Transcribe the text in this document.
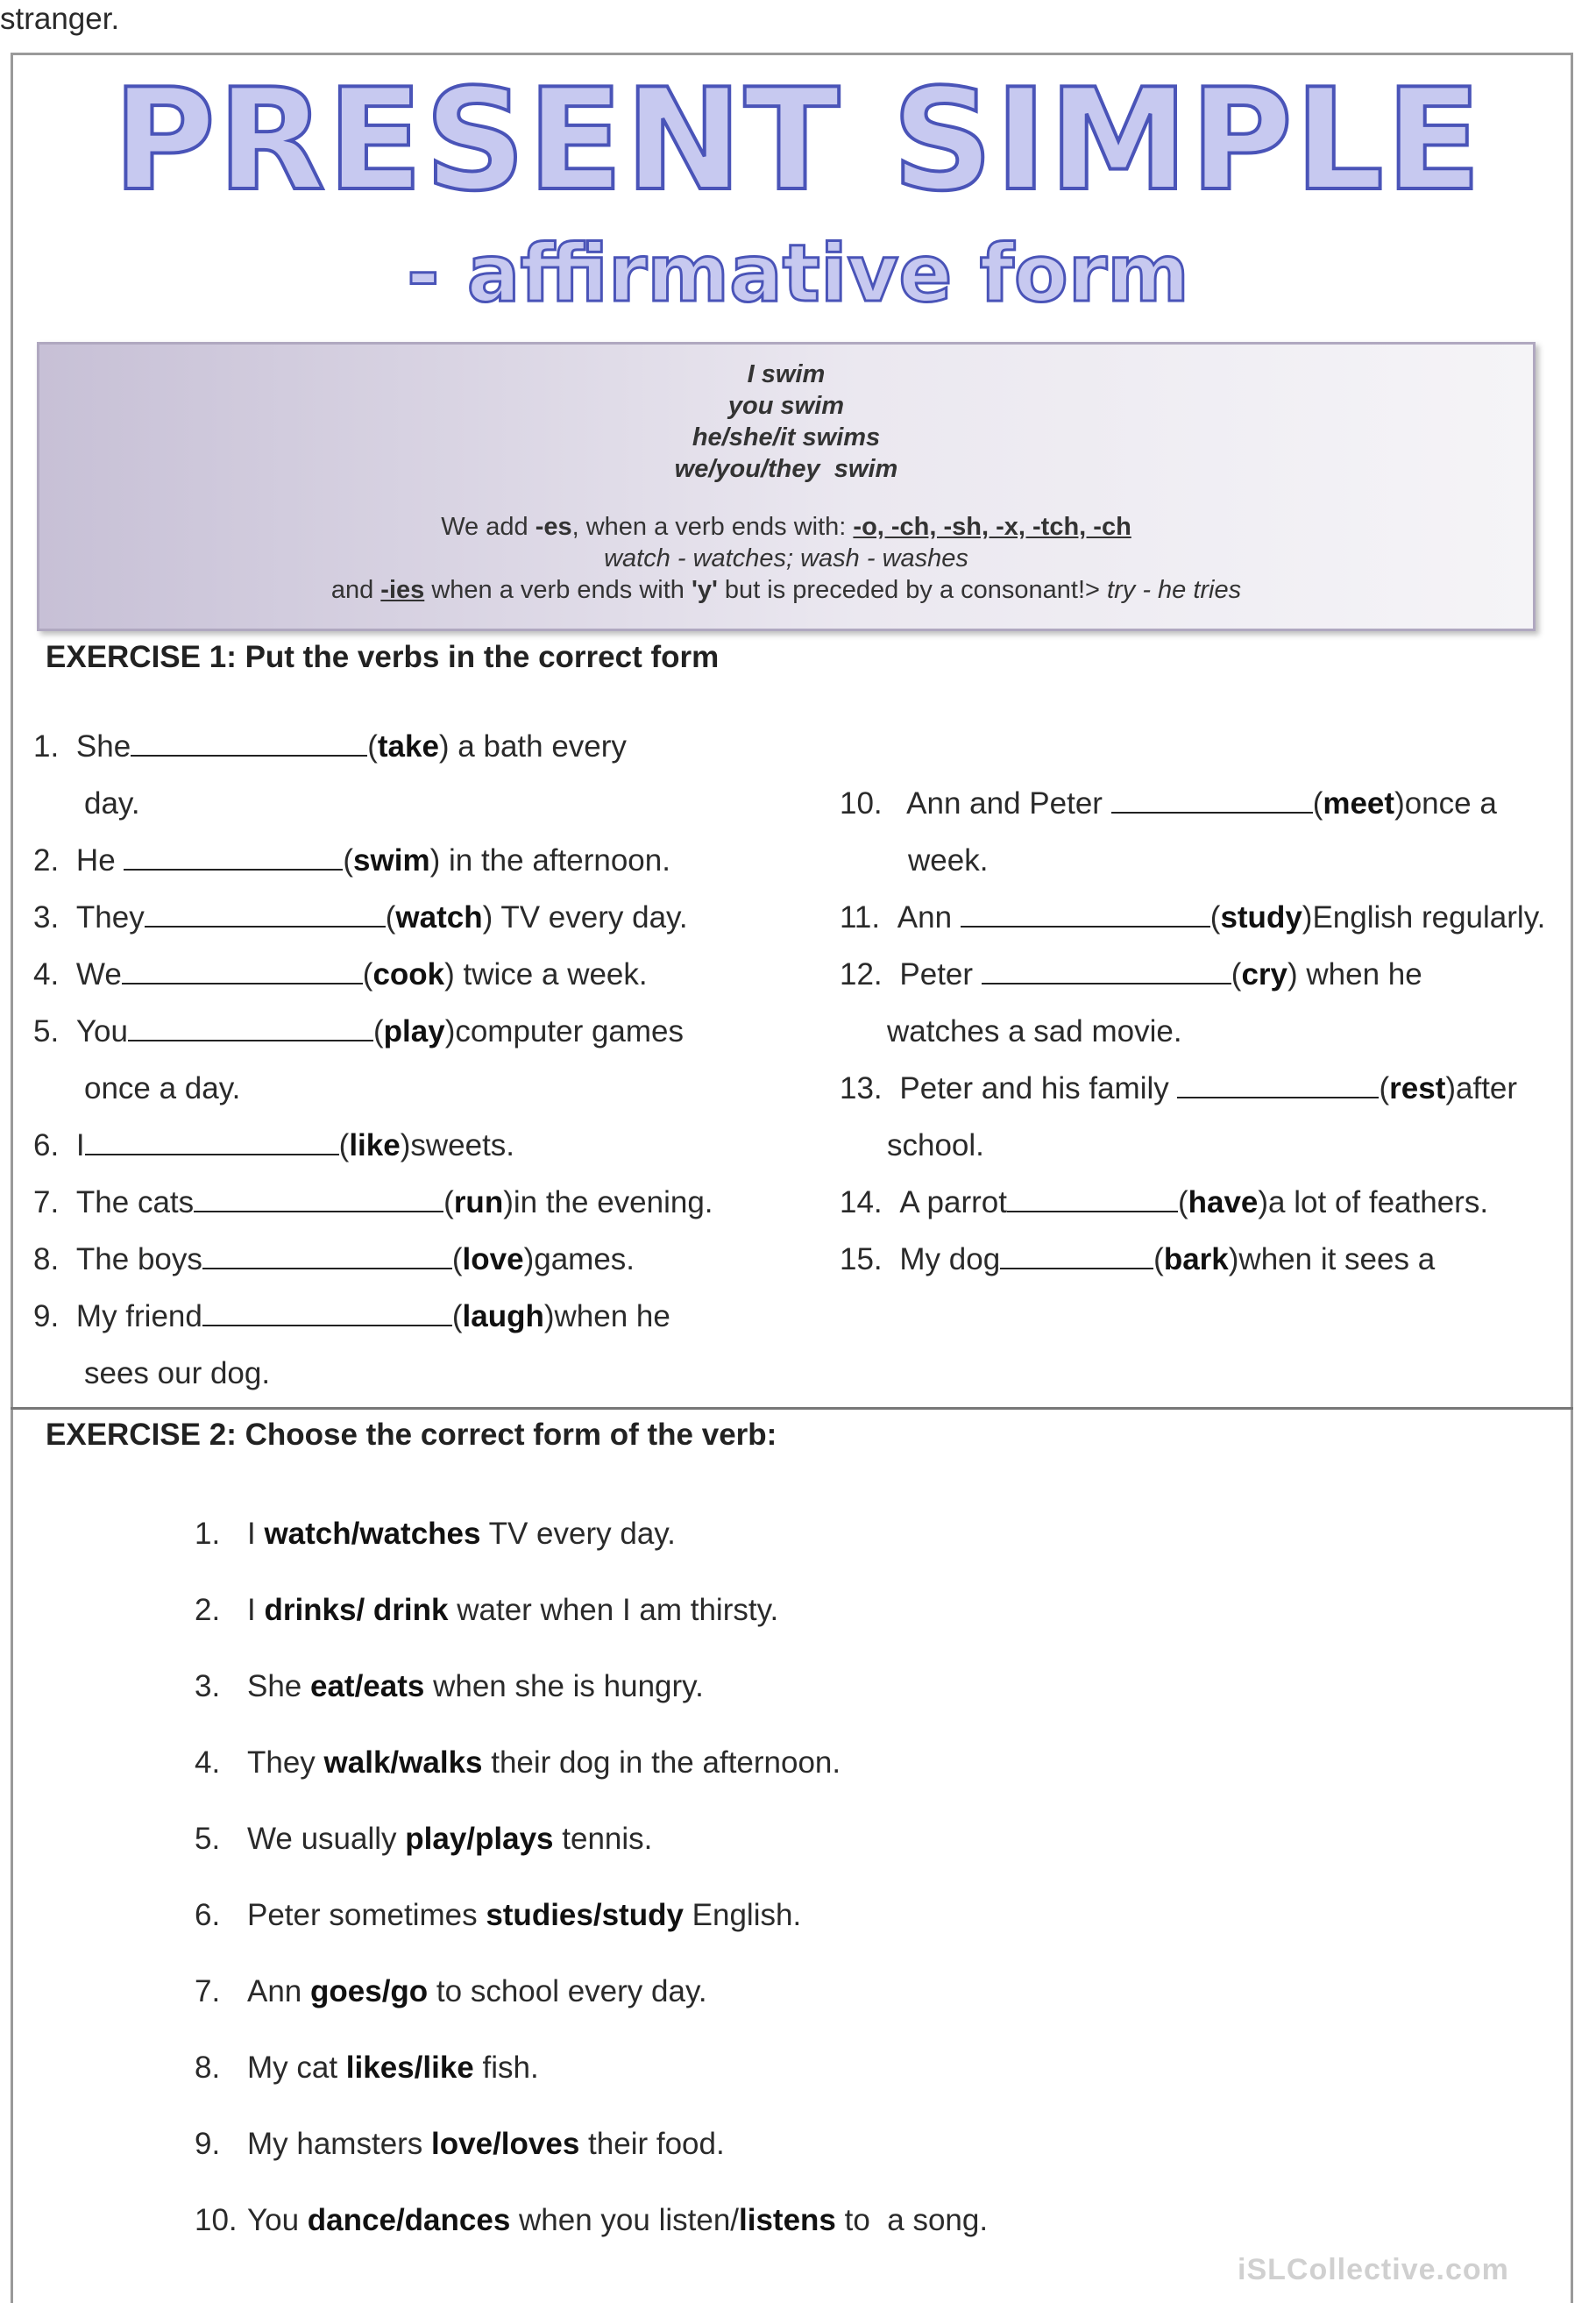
PRESENT SIMPLE
- affirmative form
I swim
you swim
he/she/it swims
we/you/they  swim
We add -es, when a verb ends with: -o, -ch, -sh, -x, -tch, -ch
watch - watches; wash - washes
and -ies when a verb ends with 'y' but is preceded by a consonant!> try - he tries
EXERCISE 1: Put the verbs in the correct form
1. She	(take) a bath every
day.
2. He	(swim) in the afternoon.
3. They	(watch) TV every day.
4. We	(cook) twice a week.
5. You	(play)computer games
once a day.
6. I	(like)sweets.
7. The cats	(run)in the evening.
8. The boys	(love)games.
9. My friend	(laugh)when he
sees our dog.
10.  Ann and Peter	(meet)once a
week.
11. Ann	(study)English regularly.
12. Peter	(cry) when he
watches a sad movie.
13. Peter and his family	(rest)after
school.
14. A parrot	(have)a lot of feathers.
15. My dog	(bark)when it sees a
stranger.
EXERCISE 2: Choose the correct form of the verb:
1. I watch/watches TV every day.
2. I drinks/ drink water when I am thirsty.
3. She eat/eats when she is hungry.
4. They walk/walks their dog in the afternoon.
5. We usually play/plays tennis.
6. Peter sometimes studies/study English.
7. Ann goes/go to school every day.
8. My cat likes/like fish.
9. My hamsters love/loves their food.
10. You dance/dances when you listen/listens to  a song.
iSLCollective.com
